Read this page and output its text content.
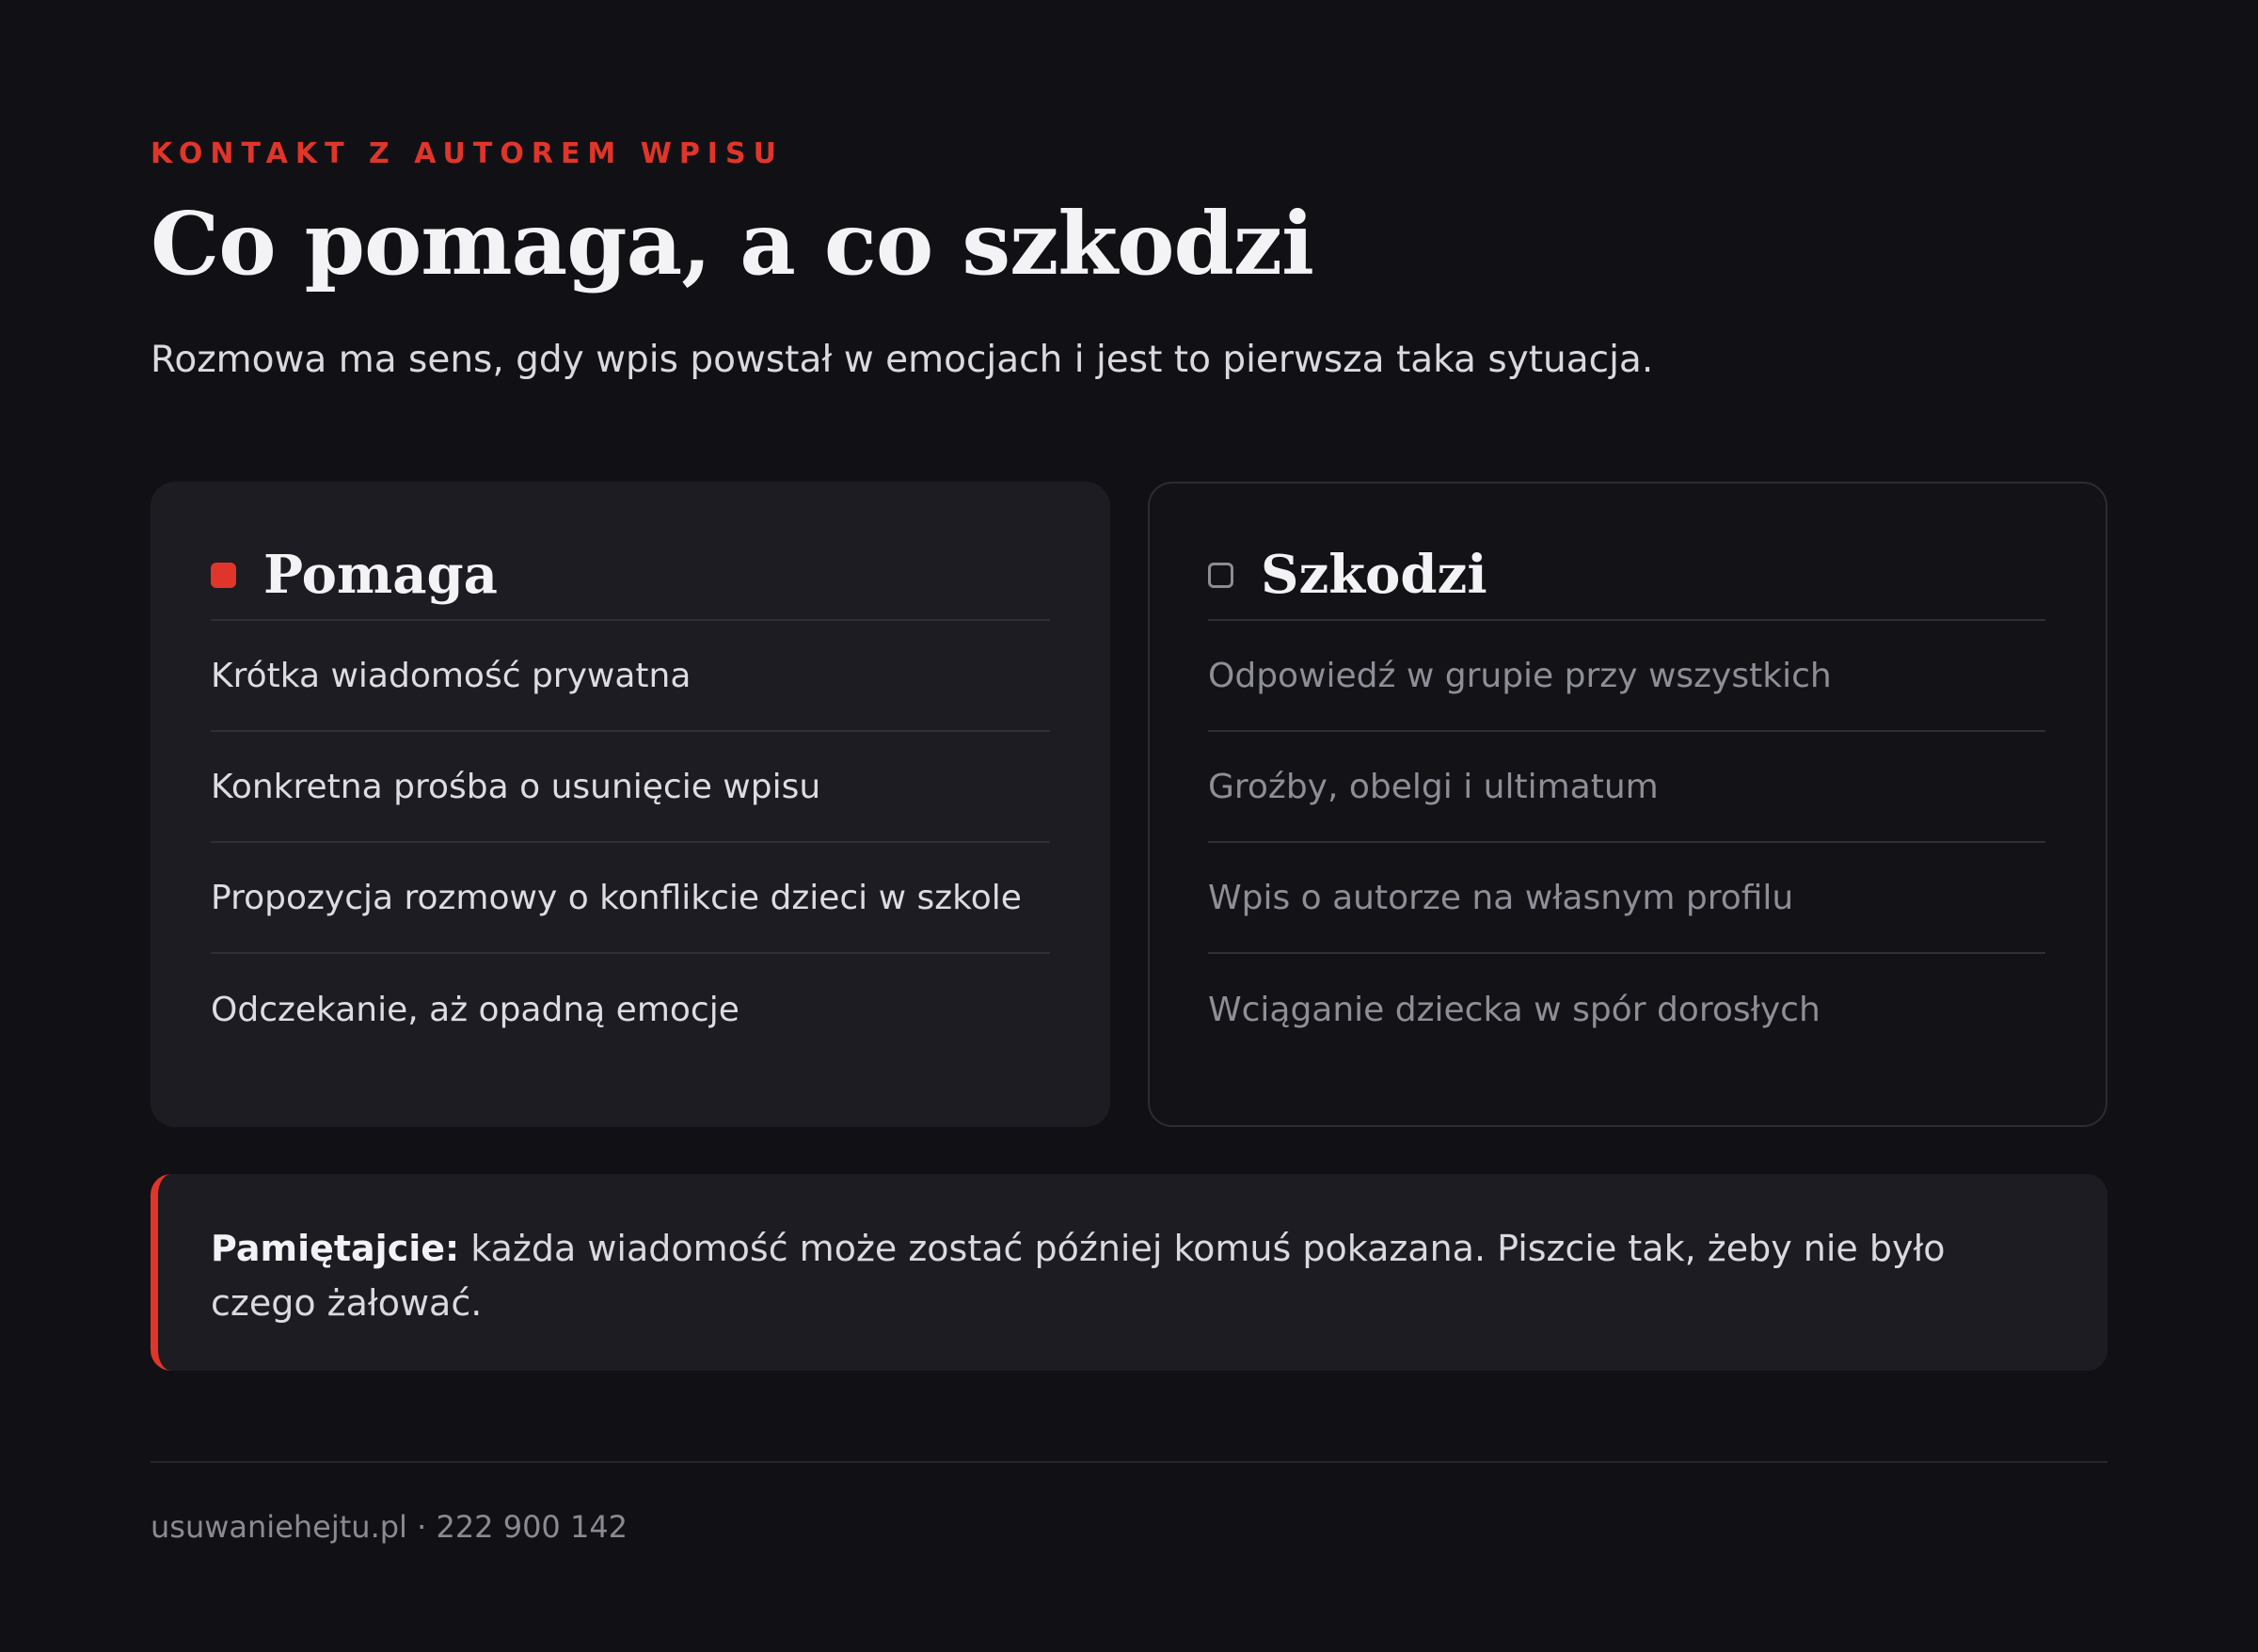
KONTAKT Z AUTOREM WPISU
Co pomaga, a co szkodzi

Rozmowa ma sens, gdy wpis powstał w emocjach i jest to pierwsza taka sytuacja.

Pomaga
Krótka wiadomość prywatna
Konkretna prośba o usunięcie wpisu
Propozycja rozmowy o konflikcie dzieci w szkole
Odczekanie, aż opadną emocje
Szkodzi
Odpowiedź w grupie przy wszystkich
Groźby, obelgi i ultimatum
Wpis o autorze na własnym profilu
Wciąganie dziecka w spór dorosłych
Pamiętajcie: każda wiadomość może zostać później komuś pokazana. Piszcie tak, żeby nie było czego żałować.
usuwaniehejtu.pl · 222 900 142
